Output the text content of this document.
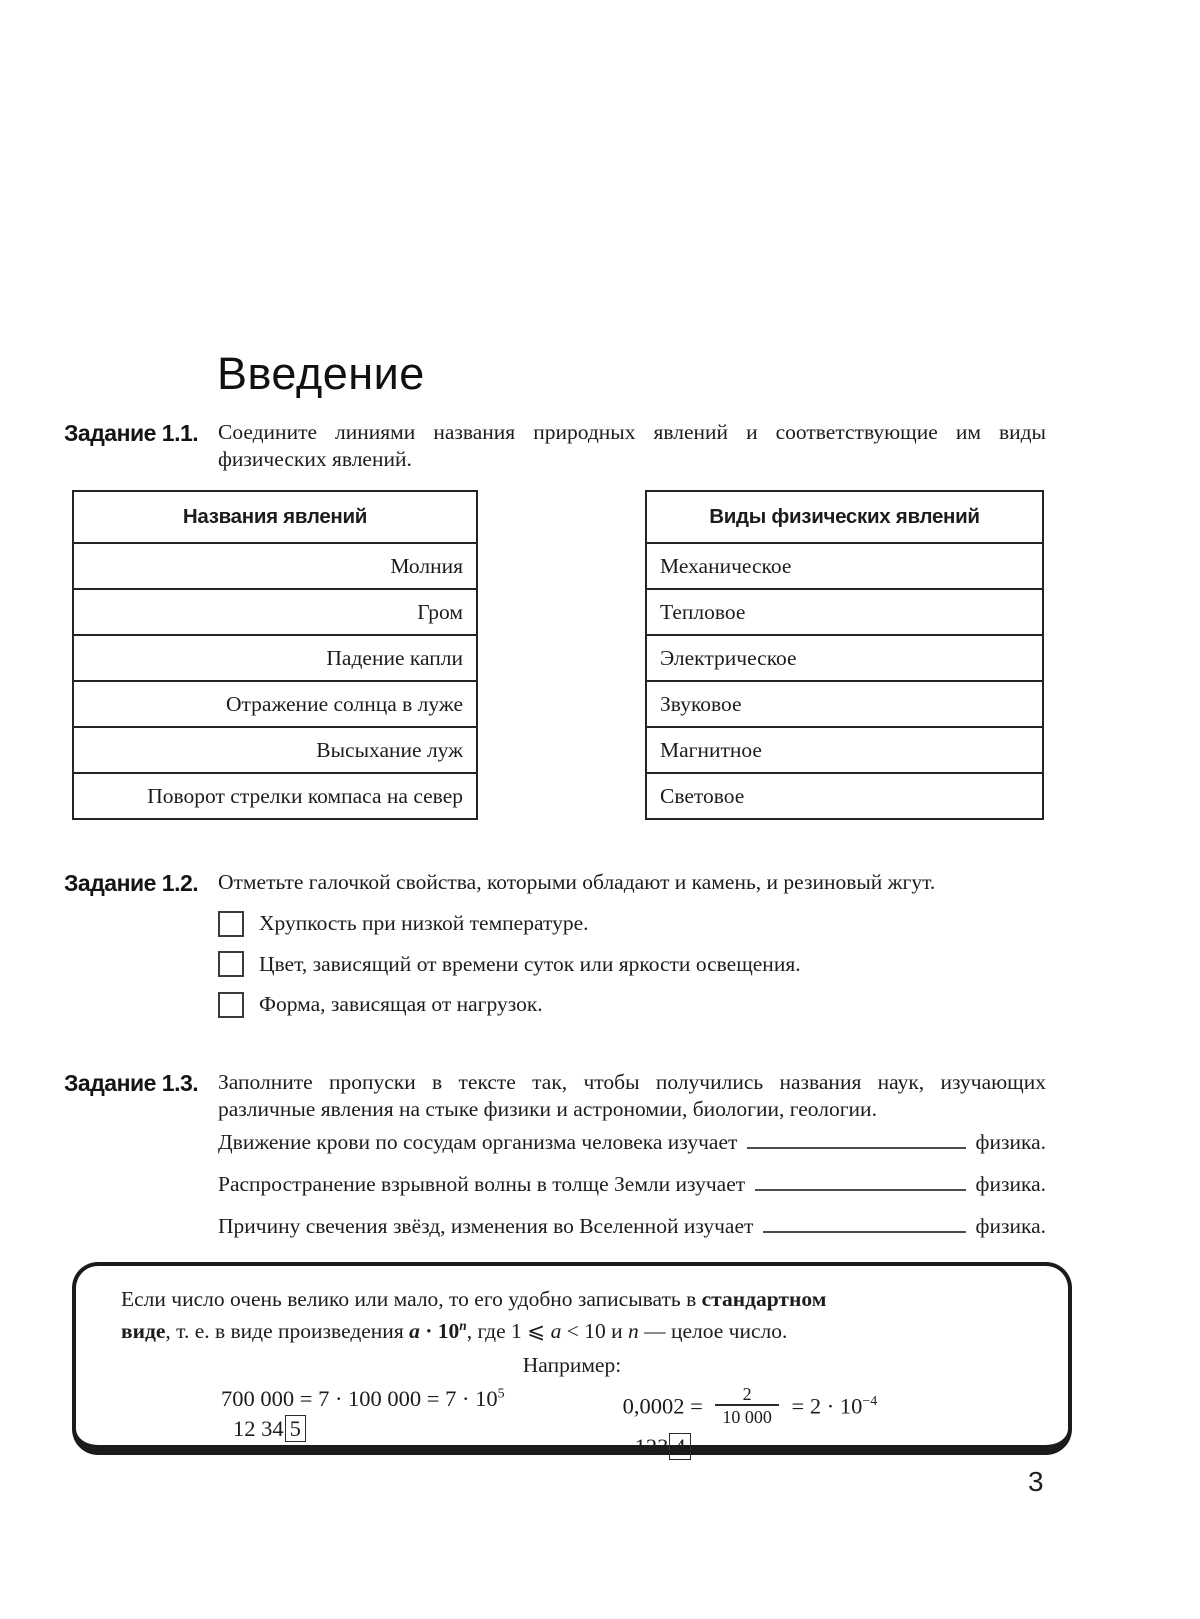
Введение
Задание 1.1. Соедините линиями названия природных явлений и соответствующие им виды физических явлений.
Названия явлений
Молния
Гром
Падение капли
Отражение солнца в луже
Высыхание луж
Поворот стрелки компаса на север
Виды физических явлений
Механическое
Тепловое
Электрическое
Звуковое
Магнитное
Световое
Задание 1.2. Отметьте галочкой свойства, которыми обладают и камень, и резиновый жгут.
Хрупкость при низкой температуре.
Цвет, зависящий от времени суток или яркости освещения.
Форма, зависящая от нагрузок.
Задание 1.3. Заполните пропуски в тексте так, чтобы получились названия наук, изучающих различные явления на стыке физики и астрономии, биологии, геологии.
Движение крови по сосудам организма человека изучает	физика.
Распространение взрывной волны в толще Земли изучает	физика.
Причину свечения звёзд, изменения во Вселенной изучает	физика.
Если число очень велико или мало, то его удобно записывать в стандартном
виде, т. е. в виде произведения $a \cdot 10^n$, где 1 ⩽ a < 10 и n — целое число.
Например:
700 000 = 7 · 100 $000 = 7 \cdot 10^5$
12 34 5
$0,0002 = \frac{2}{10 000} = 2 \cdot 10^{-4}$
123 4
3
